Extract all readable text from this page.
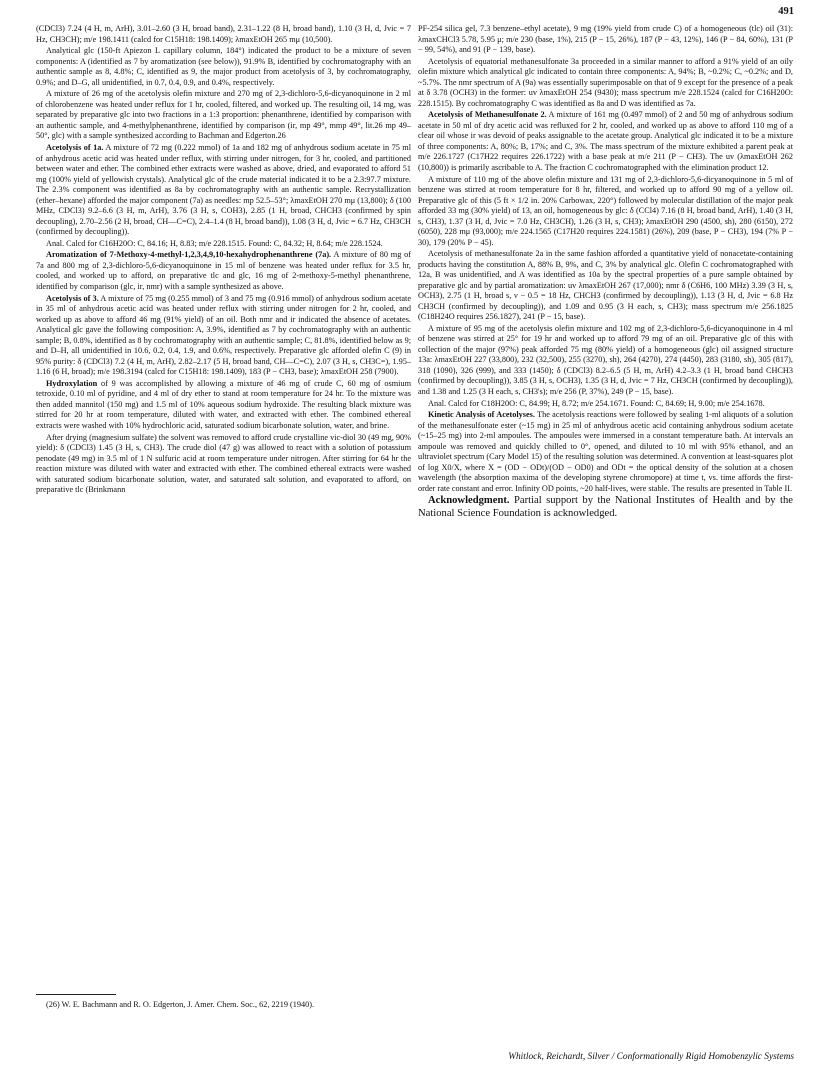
491

(CDCl3) 7.24 (4 H, m, ArH), 3.01–2.60 (3 H, broad band), 2.31–1.22 (8 H, broad band), 1.10 (3 H, d, Jvic = 7 Hz, CH3CH); m/e 198.1411 (calcd for C15H18: 198.1409); λmaxEtOH 265 mμ (10,500).

Analytical glc (150-ft Apiezon L capillary column, 184°) indicated the product to be a mixture of seven components: A (identified as 7 by aromatization (see below)), 91.9% B, identified by cochromatography with an authentic sample as 8, 4.8%; C, identified as 9, the major product from acetolysis of 3, by cochromatography, 0.9%; and D–G, all unidentified, in 0.7, 0.4, 0.9, and 0.4%, respectively.

A mixture of 26 mg of the acetolysis olefin mixture and 270 mg of 2,3-dichloro-5,6-dicyanoquinone in 2 ml of chlorobenzene was heated under reflux for 1 hr, cooled, filtered, and worked up. The resulting oil, 14 mg, was separated by preparative glc into two fractions in a 1:3 proportion: phenanthrene, identified by comparison with an authentic sample, and 4-methylphenanthrene, identified by comparison (ir, mp 49°, mmp 49°, lit.26 mp 49–50°, glc) with a sample synthesized according to Bachman and Edgerton.26

Acetolysis of 1a. A mixture of 72 mg (0.222 mmol) of 1a and 182 mg of anhydrous sodium acetate in 75 ml of anhydrous acetic acid was heated under reflux, with stirring under nitrogen, for 3 hr, cooled, and partitioned between water and ether. The combined ether extracts were washed as above, dried, and evaporated to afford 51 mg (100% yield of yellowish crystals). Analytical glc of the crude material indicated it to be a 2.3:97.7 mixture. The 2.3% component was identified as 8a by cochromatography with an authentic sample. Recrystallization (ether–hexane) afforded the major component (7a) as needles: mp 52.5–53°; λmaxEtOH 270 mμ (13,800); δ (100 MHz, CDCl3) 9.2–6.6 (3 H, m, ArH), 3.76 (3 H, s, COH3), 2.85 (1 H, broad, CHCH3 (confirmed by spin decoupling), 2.70–2.56 (2 H, broad, CH—C=C), 2.4–1.4 (8 H, broad band)), 1.08 (3 H, d, Jvic = 6.7 Hz, CH3CH (confirmed by decoupling)).

Anal. Calcd for C16H20O: C, 84.16; H, 8.83; m/e 228.1515. Found: C, 84.32; H, 8.64; m/e 228.1524.

Aromatization of 7-Methoxy-4-methyl-1,2,3,4,9,10-hexahydrophenanthrene (7a). A mixture of 80 mg of 7a and 800 mg of 2,3-dichloro-5,6-dicyanoquinone in 15 ml of benzene was heated under reflux for 3.5 hr, cooled, and worked up to afford, on preparative tlc and glc, 16 mg of 2-methoxy-5-methyl phenanthrene, identified by comparison (glc, ir, nmr) with a sample synthesized as above.

Acetolysis of 3. A mixture of 75 mg (0.255 mmol) of 3 and 75 mg (0.916 mmol) of anhydrous sodium acetate in 35 ml of anhydrous acetic acid was heated under reflux with stirring under nitrogen for 2 hr, cooled, and worked up as above to afford 46 mg (91% yield) of an oil. Both nmr and ir indicated the absence of acetates. Analytical glc gave the following composition: A, 3.9%, identified as 7 by cochromatography with an authentic sample; B, 0.8%, identified as 8 by cochromatography with an authentic sample; C, 81.8%, identified below as 9; and D–H, all unidentified in 10.6, 0.2, 0.4, 1.9, and 0.6%, respectively. Preparative glc afforded olefin C (9) in 95% purity: δ (CDCl3) 7.2 (4 H, m, ArH), 2.82–2.17 (5 H, broad band, CH—C=C), 2.07 (3 H, s, CH3C=), 1.95–1.16 (6 H, broad); m/e 198.3194 (calcd for C15H18: 198.1409), 183 (P − CH3, base); λmaxEtOH 258 (7900).

Hydroxylation of 9 was accomplished by allowing a mixture of 46 mg of crude C, 60 mg of osmium tetroxide, 0.10 ml of pyridine, and 4 ml of dry ether to stand at room temperature for 24 hr. To the mixture was then added mannitol (150 mg) and 1.5 ml of 10% aqueous sodium hydroxide. The resulting black mixture was stirred for 20 hr at room temperature, diluted with water, and extracted with ether. The combined ethereal extracts were washed with 10% hydrochloric acid, saturated sodium bicarbonate solution, water, and brine.

After drying (magnesium sulfate) the solvent was removed to afford crude crystalline vic-diol 30 (49 mg, 90% yield): δ (CDCl3) 1.45 (3 H, s, CH3). The crude diol (47 g) was allowed to react with a solution of potassium penodate (49 mg) in 3.5 ml of 1 N sulfuric acid at room temperature under nitrogen. After stirring for 64 hr the reaction mixture was diluted with water and extracted with ether. The combined ethereal extracts were washed with saturated sodium bicarbonate solution, water, and saturated salt solution, and evaporated to afford, on preparative tlc (Brinkmann

PF-254 silica gel, 7.3 benzene–ethyl acetate), 9 mg (19% yield from crude C) of a homogeneous (tlc) oil (31): λmaxCHCl3 5.78, 5.95 μ; m/e 230 (base, 1%), 215 (P − 15, 26%), 187 (P − 43, 12%), 146 (P − 84, 60%), 131 (P − 99, 54%), and 91 (P − 139, base).

Acetolysis of equatorial methanesulfonate 3a proceeded in a similar manner to afford a 91% yield of an oily olefin mixture which analytical glc indicated to contain three components: A, 94%; B, ~0.2%; C, ~0.2%; and D, ~5.7%. The nmr spectrum of A (9a) was essentially superimposable on that of 9 except for the presence of a peak at δ 3.78 (OCH3) in the former: uv λmaxEtOH 254 (9430); mass spectrum m/e 228.1524 (calcd for C16H20O: 228.1515). By cochromatography C was identified as 8a and D was identified as 7a.

Acetolysis of Methanesulfonate 2. A mixture of 161 mg (0.497 mmol) of 2 and 50 mg of anhydrous sodium acetate in 50 ml of dry acetic acid was refluxed for 2 hr, cooled, and worked up as above to afford 110 mg of a clear oil whose ir was devoid of peaks assignable to the acetate group. Analytical glc indicated it to be a mixture of three components: A, 80%; B, 17%; and C, 3%. The mass spectrum of the mixture exhibited a parent peak at m/e 226.1727 (C17H22 requires 226.1722) with a base peak at m/e 211 (P − CH3). The uv (λmaxEtOH 262 (10,800)) is primarily ascribable to A. The fraction C cochromatographed with the elimination product 12.

A mixture of 110 mg of the above olefin mixture and 131 mg of 2,3-dichloro-5,6-dicyanoquinone in 5 ml of benzene was stirred at room temperature for 8 hr, filtered, and worked up to afford 90 mg of a yellow oil. Preparative glc of this (5 ft × 1/2 in. 20% Carbowax, 220°) followed by molecular distillation of the major peak afforded 33 mg (30% yield) of 13, an oil, homogeneous by glc: δ (CCl4) 7.16 (8 H, broad band, ArH), 1.40 (3 H, s, CH3), 1.37 (3 H, d, Jvic = 7.0 Hz, CH3CH), 1.26 (3 H, s, CH3); λmaxEtOH 290 (4500, sh), 280 (6150), 272 (6050), 228 mμ (93,000); m/e 224.1565 (C17H20 requires 224.1581) (26%), 209 (base, P − CH3), 194 (7% P − 30), 179 (20% P − 45).

Acetolysis of methanesulfonate 2a in the same fashion afforded a quantitative yield of nonacetate-containing products having the constitution A, 88% B, 9%, and C, 3% by analytical glc. Olefin C cochromatographed with 12a, B was unidentified, and A was identified as 10a by the spectral properties of a pure sample obtained by preparative glc and by partial aromatization: uv λmaxEtOH 267 (17,000); nmr δ (C6H6, 100 MHz) 3.39 (3 H, s, OCH3), 2.75 (1 H, broad s, ν − 0.5 = 18 Hz, CHCH3 (confirmed by decoupling)), 1.13 (3 H, d, Jvic = 6.8 Hz CH3CH (confirmed by decoupling)), and 1.09 and 0.95 (3 H each, s, CH3); mass spectrum m/e 256.1825 (C18H24O requires 256.1827), 241 (P − 15, base).

A mixture of 95 mg of the acetolysis olefin mixture and 102 mg of 2,3-dichloro-5,6-dicyanoquinone in 4 ml of benzene was stirred at 25° for 19 hr and worked up to afford 79 mg of an oil. Preparative glc of this with collection of the major (97%) peak afforded 75 mg (80% yield) of a homogeneous (glc) oil assigned structure 13a: λmaxEtOH 227 (33,800), 232 (32,500), 255 (3270), sh), 264 (4270), 274 (4450), 283 (3180, sh), 305 (817), 318 (1090), 326 (999), and 333 (1450); δ (CDCl3) 8.2–6.5 (5 H, m, ArH) 4.2–3.3 (1 H, broad band CHCH3 (confirmed by decoupling)), 3.85 (3 H, s, OCH3), 1.35 (3 H, d, Jvic = 7 Hz, CH3CH (confirmed by decoupling)), and 1.38 and 1.25 (3 H each, s, CH3's); m/e 256 (P, 37%), 249 (P − 15, base).

Anal. Calcd for C18H20O: C, 84.99; H, 8.72; m/e 254.1671. Found: C, 84.69; H, 9.00; m/e 254.1678.

Kinetic Analysis of Acetolyses. The acetolysis reactions were followed by sealing 1-ml aliquots of a solution of the methanesulfonate ester (~15 mg) in 25 ml of anhydrous acetic acid containing anhydrous sodium acetate (~15–25 mg) into 2-ml ampoules. The ampoules were immersed in a constant temperature bath. At intervals an ampoule was removed and quickly chilled to 0°, opened, and diluted to 10 ml with 95% ethanol, and an ultraviolet spectrum (Cary Model 15) of the resulting solution was determined. A convention at least-squares plot of log X0/X, where X = (OD − ODt)/(OD − OD0) and ODt = the optical density of the solution at a chosen wavelength (the absorption maxima of the developing styrene chromopore) at time t, vs. time affords the first-order rate constant and error. Infinity OD points, ~20 half-lives, were stable. The results are presented in Table II.

Acknowledgment. Partial support by the National Institutes of Health and by the National Science Foundation is acknowledged.

(26) W. E. Bachmann and R. O. Edgerton, J. Amer. Chem. Soc., 62, 2219 (1940).
Whitlock, Reichardt, Silver / Conformationally Rigid Homobenzylic Systems
